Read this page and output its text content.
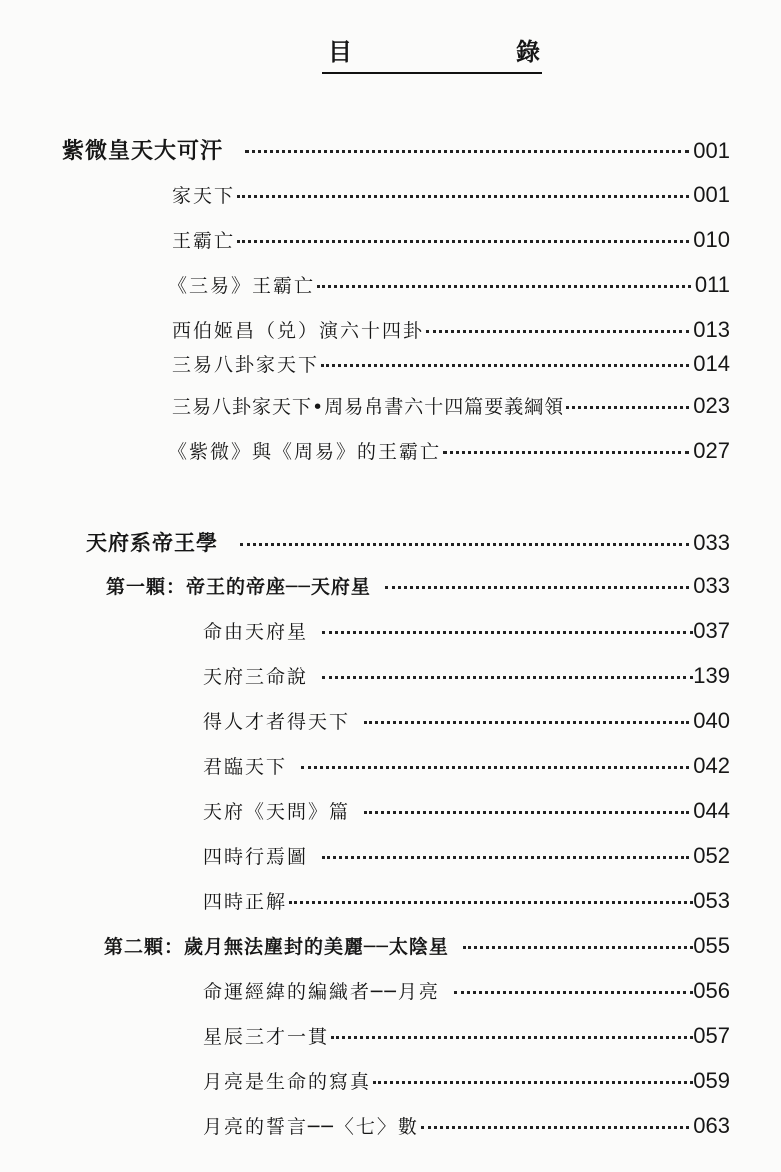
目	錄
紫微皇天大可汗	001
家天下	001
王霸亡	010
《三易》王霸亡	011
西伯姬昌（兑）演六十四卦	013
三易八卦家天下	014
三易八卦家天下•周易帛書六十四篇要義綱領	023
《紫微》與《周易》的王霸亡	027
天府系帝王學	033
第一顆：帝王的帝座──天府星	033
命由天府星	037
天府三命說	139
得人才者得天下	040
君臨天下	042
天府《天問》篇	044
四時行焉圖	052
四時正解	053
第二顆：歲月無法塵封的美麗──太陰星	055
命運經緯的編織者──月亮	056
星辰三才一貫	057
月亮是生命的寫真	059
月亮的誓言──〈七〉數	063
